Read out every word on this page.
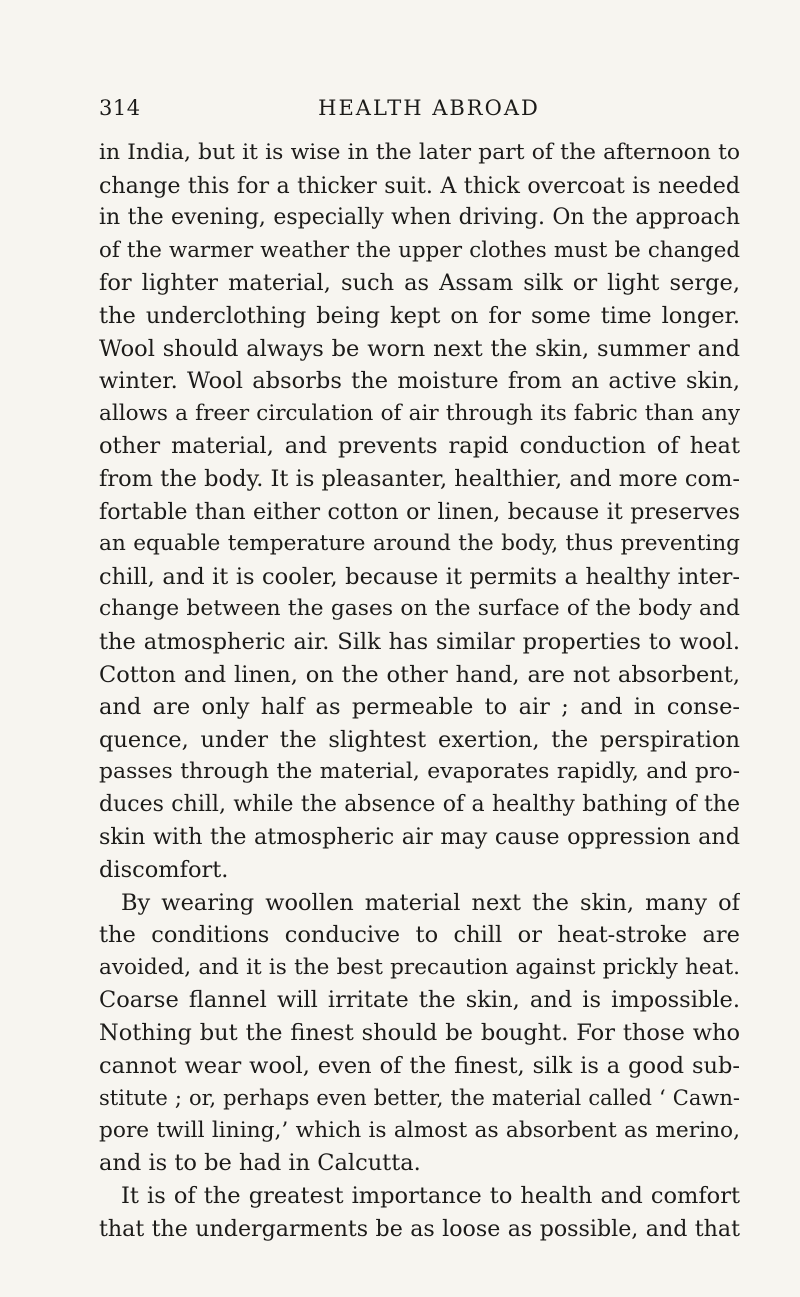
314	HEALTH ABROAD
in India, but it is wise in the later part of the afternoon to
change this for a thicker suit. A thick overcoat is needed
in the evening, especially when driving. On the approach
of the warmer weather the upper clothes must be changed
for lighter material, such as Assam silk or light serge,
the underclothing being kept on for some time longer.
Wool should always be worn next the skin, summer and
winter. Wool absorbs the moisture from an active skin,
allows a freer circulation of air through its fabric than any
other material, and prevents rapid conduction of heat
from the body. It is pleasanter, healthier, and more com-
fortable than either cotton or linen, because it preserves
an equable temperature around the body, thus preventing
chill, and it is cooler, because it permits a healthy inter-
change between the gases on the surface of the body and
the atmospheric air. Silk has similar properties to wool.
Cotton and linen, on the other hand, are not absorbent,
and are only half as permeable to air ; and in conse-
quence, under the slightest exertion, the perspiration
passes through the material, evaporates rapidly, and pro-
duces chill, while the absence of a healthy bathing of the
skin with the atmospheric air may cause oppression and
discomfort.
By wearing woollen material next the skin, many of
the conditions conducive to chill or heat-stroke are
avoided, and it is the best precaution against prickly heat.
Coarse flannel will irritate the skin, and is impossible.
Nothing but the finest should be bought. For those who
cannot wear wool, even of the finest, silk is a good sub-
stitute ; or, perhaps even better, the material called ‘ Cawn-
pore twill lining,’ which is almost as absorbent as merino,
and is to be had in Calcutta.
It is of the greatest importance to health and comfort
that the undergarments be as loose as possible, and that
